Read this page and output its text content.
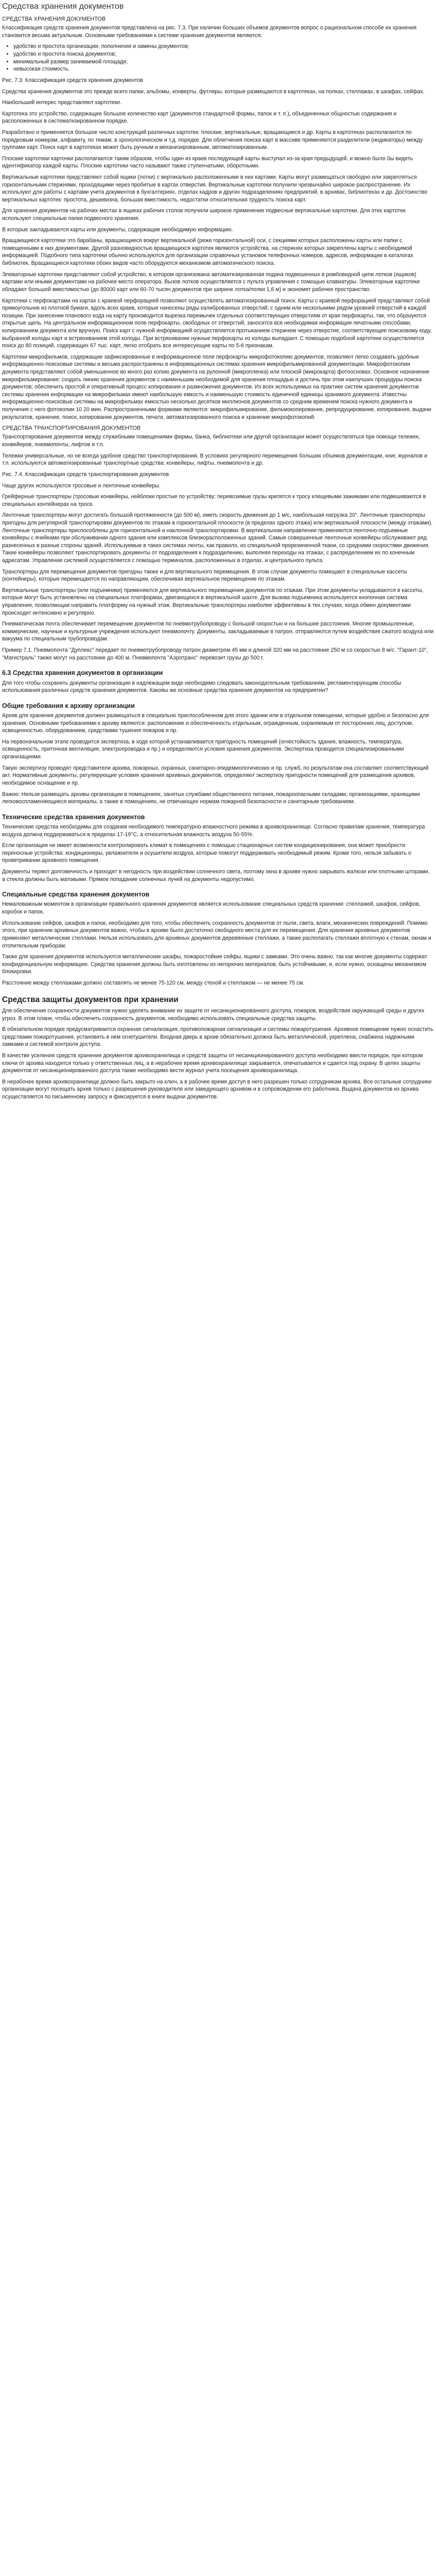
Средства хранения документов
СРЕДСТВА ХРАНЕНИЯ ДОКУМЕНТОВ

Классификация средств хранения документов представлена на рис. 7.3. При наличии больших объемов документов вопрос о рациональном способе их хранения становится весьма актуальным. Основными требованиями к системе хранения документов являются:

• удобство и простота организации, пополнения и замены документов;
• удобство и простота поиска документов;
• минимальный размер занимаемой площади;
• невысокая стоимость.

Рис. 7.3. Классификация средств хранения документов

Средства хранения документов это прежде всего папки, альбомы, конверты, футляры, которые размещаются в картотеках, на полках, стеллажах, в шкафах, сейфах.

Наибольший интерес представляют картотеки.

Картотека это устройство, содержащее большое количество карт (документов стандартной формы, папок и т. п.), объединенных общностью содержания и расположенных в систематизированном порядке.

Разработано и применяется большое число конструкций различных картотек: плоские, вертикальные, вращающиеся и др. Карты в картотеках располагаются по порядковым номерам, алфавиту, по темам, в хронологическом и т.д. порядке. Для облегчения поиска карт в массиве применяются разделители (индикаторы) между группами карт. Поиск карт в картотеках может быть ручным и механизированным, автоматизированным.

Плоские картотеки карточки располагаются таким образом, чтобы один из краев последующей карты выступал из-за края предыдущей, и можно было бы видеть идентификатор каждой карты. Плоские картотеки часто называют также ступенчатыми, оборотными.

Вертикальные картотеки представляют собой ящики (лотки) с вертикально расположенными в них картами. Карты могут размещаться свободно или закрепляться горизонтальными стержнями, проходящими через пробитые в картах отверстия. Вертикальные картотеки получили чрезвычайно широкое распространение. Их используют для работы с картами учета документов в бухгалтериях, отделах кадров и других подразделениях предприятий, в архивах, библиотеках и др. Достоинство вертикальных картотек: простота, дешевизна, большая вместимость, недостатки относительная трудность поиска карт.

Для хранения документов на рабочих местах в ящиках рабочих столов получили широкое применение подвесные вертикальные картотеки. Для этих картотек используют специальные папки подвесного хранения.

В которые закладываются карты или документы, содержащие необходимую информацию.

Вращающиеся картотеки это барабаны, вращающиеся вокруг вертикальной (реже горизонтальной) оси, с секциями которых расположены карты или папки с помещенными в них документами. Другой разновидностью вращающихся картотек являются устройства, на стержнях которых закреплены карты с необходимой информацией. Подобного типа картотеки обычно используются для организации справочных установок телефонных номеров, адресов, информации в каталогах библиотек. Вращающиеся картотеки обоих видов часто оборудуются механизмом автоматического поиска.

Элеваторные картотеки представляют собой устройство, в котором организована автоматизированная подача подвешенных в ромбовидной цепи лотков (ящиков) картами или иными документами на рабочее место оператора. Вызов лотков осуществляется с пульта управления с помощью клавиатуры. Элеваторные картотеки обладают большой вместимостью (до 80000 карт или 60-70 тысяч документов при ширине лотка/полки 1,6 м) и экономят рабочее пространство.

Картотеки с перфокартами на картах с краевой перфорацией позволяют осуществлять автоматизированный поиск. Карты с краевой перфорацией представляют собой прямоугольник из плотной бумаги, вдоль всех краев, которые нанесены ряды калиброванных отверстий; с одним или несколькими рядом уровней отверстий в каждой позиции. При занесении планового кода на карту производится вырезка перемычек отдельных соответствующих отверстиям от края перфокарты, так, что образуются открытые щель. На центральном информационном поле перфокарты, свободных от отверстий, заносится вся необходимая информация печатными способами, копированием документа или вручную. Поиск карт с нужной информацией осуществляется протыканием стержнем через отверстие, соответствующее поисковому коду, выбранной колоды карт и встряхиванием этой колоды. При встряхивании нужные перфокарты из колоды выпадают. С помощью подобной картотеки осуществляется поиск до 80 позиций, содержащих 67 тыс. карт, легко отобрать все интересующие карты по 5-6 признакам.

Картотеки микрофильмов, содержащие зафиксированные в информационное поле перфокарты микрофотокопию документов, позволяют легко создавать удобные информационно-поисковые системы и весьма распространены в информационных системах хранения микрофильмированной документации. Микрофотокопии документа представляют собой уменьшенное во много раз копию документа на рулонной (микропленка) или плоской (микрокарта) фотоосновах. Основное назначение микрофильмирования: создать линию хранения документов с наименьшим необходимой для хранения площадью и достичь при этом наилучших процедуры поиска документов; обеспечить простой и оперативный процесс копирования и размножения документов. Из всех используемых на практике систем хранения документов системы хранения информации на микрофильмах имеют наибольшую емкость и наименьшую стоимость единичной единицы хранимого документа. Известны информационно-поисковые системы на микрофильмах емкостью несколько десятков миллионов документов со средним временем поиска нужного документа и получения с него фотокопии 10 20 мин. Распространенными формами являются: микрофильмирование, фильмокопирование, репродуцирование, копирования, выдачи результатов, хранение, поиск, копирование документов, печати, автоматизированного поиска и хранение микрофотокопий.

СРЕДСТВА ТРАНСПОРТИРОВАНИЯ ДОКУМЕНТОВ

Транспортирование документов между служебными помещениями фирмы, банка, библиотеки или другой организации может осуществляться при помощи тележек, конвейеров, пневмопочты, лифтов и т.п.

Тележки универсальные, но не всегда удобное средство транспортирования. В условиях регулярного перемещения больших объемов документации, книг, журналов и т.п. используются автоматизированные транспортные средства: конвейеры, лифты, пневмопочта и др.

Рис. 7.4. Классификация средств транспортирования документов

Чаще других используются тросовые и ленточные конвейеры.

Грейферные транспортеры (тросовые конвейеры, нейблоки простые по устройству; перевозимые грузы крепятся к тросу клещевыми зажимами или подвешиваются в специальных контейнерах на тросе.

Ленточные транспортеры могут достигать большой протяженности (до 500 м), иметь скорость движения до 1 м/с, наибольшая нагрузка 20". Ленточные транспортеры пригодны для регулярной транспортировки документов по этажам в горизонтальной плоскости (в пределах одного этажа) или вертикальной плоскости (между этажами). Ленточные транспортеры приспособлены для горизонтальной и наклонной транспортировки. В вертикальном направлении применяются ленточно-подъемные конвейеры с ячейками при обслуживании одного здания или комплексов близкорасположенных зданий. Самые совершенные ленточные конвейеры обслуживают ряд разнесенных в разные стороны зданий. Используемые в таких системах ленты, как правило, из специальной прорезиненной ткани, со средними скоростями движения. Такие конвейеры позволяют транспортировать документы от подразделения к подразделению, выполняя переходы на этажах, с распределением их по конечным адресатам. Управление системой осуществляется с помощью терминалов, расположенных в отделах, и центрального пульта.

Транспортеры для перемещения документов пригодны также и для вертикального перемещения. В этом случае документы помещают в специальные кассеты (контейнеры), которые перемещаются по направляющим, обеспечивая вертикальное перемещение по этажам.

Вертикальные транспортеры (или подъемники) применяются для вертикального перемещения документов по этажам. При этом документы укладываются в кассеты, которые могут быть установлены на специальных платформах, двигающихся в вертикальной шахте. Для вызова подъемника используется кнопочная система управления, позволяющая направить платформу на нужный этаж. Вертикальные транспортеры наиболее эффективны в тех случаях, когда обмен документами происходит интенсивно и регулярно.

Пневматическая почта обеспечивает перемещение документов по пневмотрубопроводу с большой скоростью и на большие расстояния. Многие промышленные, коммерческие, научные и культурные учреждения используют пневмопочту. Документы, закладываемые в патрон, отправляются путем воздействия сжатого воздуха или вакуума по специальным трубопроводам.

Пример 7.1. Пневмопочта "Дуплекс" передает по пневмотрубопроводу патрон диаметром 45 мм и длиной 320 мм на расстояние 250 м со скоростью 8 м/с. "Гарант-10", "Магистраль" также могут на расстояние до 400 м. Пневмопочта "Аэротранс" перевозит грузы до 500 г.

6.3 Средства хранения документов в организации

Для того чтобы сохранить документы организации в надлежащем виде необходимо следовать законодательным требованиям, регламентирующим способы использования различных средств хранения документов. Каковы же основные средства хранения документов на предприятии?

Общие требования к архиву организации

Архив для хранения документов должен размещаться в специально приспособленном для этого здании или в отдельном помещении, которые удобно и безопасно для хранения. Основными требованиями к архиву являются: расположение и обеспеченность отдельным, огражденным, охраняемым от посторонних лиц, доступом, освещенностью, оборудованием, средствами тушения пожаров и пр.

На первоначальном этапе проводится экспертиза, в ходе которой устанавливается пригодность помещений (огнестойкость здания, влажность, температура, освещенность, приточная вентиляция, электропроводка и пр.) и определяются условия хранения документов. Экспертиза проводится специализированными организациями.

Такую экспертизу проводят представители архива, пожарных, охранных, санитарно-эпидемиологических и пр. служб, по результатам она составляет соответствующий акт. Нормативные документы, регулирующие условия хранения архивных документов, определяют экспертизу пригодности помещений для размещения архивов, необходимое оснащение и пр.

Важно: Нельзя размещать архивы организации в помещениях, занятых службами общественного питания, пожароопасными складами, организациями, хранящими легковоспламеняющиеся материалы, а также в помещениях, не отвечающих нормам пожарной безопасности и санитарным требованиям.

Технические средства хранения документов

Технические средства необходимы для создания необходимого температурно-влажностного режима в архивохранилище. Согласно правилам хранения, температура воздуха должна поддерживаться в пределах 17-19°С, а относительная влажность воздуха 50-55%.

Если организация не имеет возможности контролировать климат в помещениях с помощью стационарных систем кондиционирования, она может приобрести переносные устройства: кондиционеры, увлажнители и осушители воздуха, которые помогут поддерживать необходимый режим. Кроме того, нельзя забывать о проветривании архивного помещения.

Документы теряют долговечность и приходят в негодность при воздействии солнечного света, поэтому окна в архиве нужно закрывать жалюзи или плотными шторами, а стекла должны быть матовыми. Прямое попадание солнечных лучей на документы недопустимо.

Специальные средства хранения документов

Немаловажным моментом в организации правильного хранения документов является использование специальных средств хранения: стеллажей, шкафов, сейфов, коробок и папок.

Использование сейфов, шкафов и папок, необходимо для того, чтобы обеспечить сохранность документов от пыли, света, влаги, механических повреждений. Помимо этого, при хранении архивных документов важно, чтобы в архиве было достаточно свободного места для их перемещения. Для хранения архивных документов применяют металлические стеллажи. Нельзя использовать для архивных документов деревянные стеллажи, а также располагать стеллажи вплотную к стенам, окнам и отопительным приборам.

Также для хранения документов используются металлические шкафы, пожаростойкие сейфы, ящики с замками. Это очень важно, так как многие документы содержат конфиденциальную информацию. Средства хранения должны быть изготовлены из негорючих материалов, быть устойчивыми, и, если нужно, оснащены механизмом блокировки.

Расстояние между стеллажами должно составлять не менее 75-120 см, между стеной и стеллажом — не менее 75 см.

Средства защиты документов при хранении

Для обеспечения сохранности документов нужно уделять внимание их защите от несанкционированного доступа, пожаров, воздействия окружающей среды и других угроз. В этом плане, чтобы обеспечить сохранность документов, необходимо использовать специальные средства защиты.

В обязательном порядке предусматривается охранная сигнализация, противопожарная сигнализация и системы пожаротушения. Архивное помещение нужно оснастить средствами пожаротушения, установить в нем огнетушители. Входная дверь в архив обязательно должна быть металлической, укреплена, снабжена надежными замками и системой контроля доступа.

В качестве усиления средств хранения документов архивохранилища и средств защиты от несанкционированного доступа необходимо ввести порядок, при котором ключи от архива находятся только у ответственных лиц, а в нерабочее время архивохранилище закрывается, опечатывается и сдается под охрану. В целях защиты документов от несанкционированного доступа также необходимо вести журнал учета посещения архивохранилища.

В нерабочее время архивохранилище должно быть закрыто на ключ, а в рабочее время доступ в него разрешен только сотрудникам архива. Все остальные сотрудники организации могут посещать архив только с разрешения руководителя или заведующего архивом и в сопровождении его работника. Выдача документов из архива осуществляется по письменному запросу и фиксируется в книге выдачи документов.
